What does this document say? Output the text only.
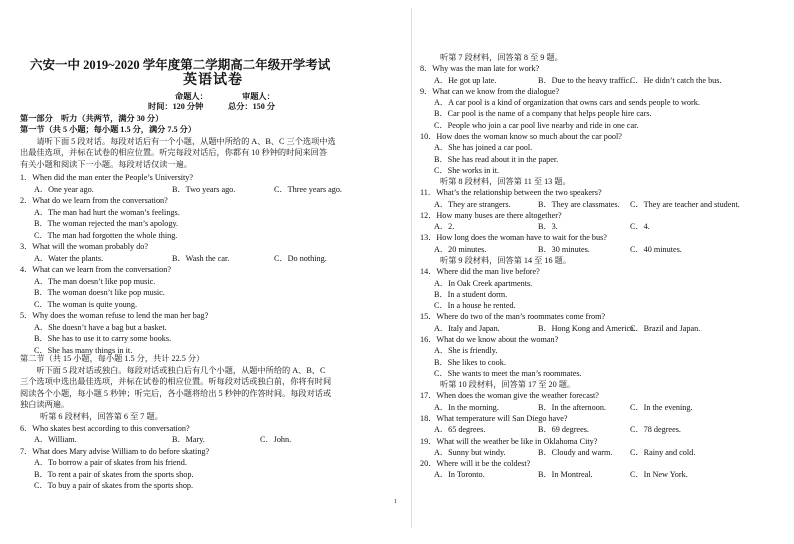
六安一中 2019~2020 学年度第二学期高二年级开学考试
英语试卷
命题人：	审题人：
时间：120 分钟	总分：150 分
第一部分　听力（共两节，满分 30 分）
第一节（共 5 小题；每小题 1.5 分，满分 7.5 分）
　　请听下面 5 段对话。每段对话后有一个小题，从题中所给的 A、B、C 三个选项中选
出最佳选项，并标在试卷的相应位置。听完每段对话后，你都有 10 秒钟的时间来回答
有关小题和阅读下一小题。每段对话仅读一遍。
1．When did the man enter the People’s University?
A．One year ago.	B．Two years ago.	C．Three years ago.
2．What do we learn from the conversation?
A．The man had hurt the woman’s feelings.
B．The woman rejected the man’s apology.
C．The man had forgotten the whole thing.
3．What will the woman probably do?
A．Water the plants.	B．Wash the car.	C．Do nothing.
4．What can we learn from the conversation?
A．The man doesn’t like pop music.
B．The woman doesn’t like pop music.
C．The woman is quite young.
5．Why does the woman refuse to lend the man her bag?
A．She doesn’t have a bag but a basket.
B．She has to use it to carry some books.
C．She has many things in it.
第二节（共 15 小题，每小题 1.5 分，共计 22.5 分）
　　听下面 5 段对话或独白。每段对话或独白后有几个小题，从题中所给的 A、B、C
三个选项中选出最佳选项，并标在试卷的相应位置。听每段对话或独白前，你将有时间
阅读各个小题，每小题 5 秒钟；听完后，各小题将给出 5 秒钟的作答时间。每段对话或
独白读两遍。
听第 6 段材料，回答第 6 至 7 题。
6．Who skates best according to this conversation?
A．William.	B．Mary.	C．John.
7．What does Mary advise William to do before skating?
A．To borrow a pair of skates from his friend.
B．To rent a pair of skates from the sports shop.
C．To buy a pair of skates from the sports shop.
听第 7 段材料，回答第 8 至 9 题。
8．Why was the man late for work?
A．He got up late.	B．Due to the heavy traffic.
C．He didn’t catch the bus.
9．What can we know from the dialogue?
A．A car pool is a kind of organization that owns cars and sends people to work.
B．Car pool is the name of a company that helps people hire cars.
C．People who join a car pool live nearby and ride in one car.
10．How does the woman know so much about the car pool?
A．She has joined a car pool.
B．She has read about it in the paper.
C．She works in it.
听第 8 段材料，回答第 11 至 13 题。
11．What’s the relationship between the two speakers?
A．They are strangers.	B．They are classmates. C．They are teacher and student.
12．How many buses are there altogether?
A．2.	B．3.	C．4.
13．How long does the woman have to wait for the bus?
A．20 minutes.	B．30 minutes.	C．40 minutes.
听第 9 段材料，回答第 14 至 16 题。
14．Where did the man live before?
A．In Oak Creek apartments.
B．In a student dorm.
C．In a house he rented.
15．Where do two of the man’s roommates come from?
A．Italy and Japan.	B．Hong Kong and America.
C．Brazil and Japan.
16．What do we know about the woman?
A．She is friendly.
B．She likes to cook.
C．She wants to meet the man’s roommates.
听第 10 段材料，回答第 17 至 20 题。
17．When does the woman give the weather forecast?
A．In the morning.	B．In the afternoon.	C．In the evening.
18．What temperature will San Diego have?
A．65 degrees.	B．69 degrees.	C．78 degrees.
19．What will the weather be like in Oklahoma City?
A．Sunny but windy.	B．Cloudy and warm. C．Rainy and cold.
20．Where will it be the coldest?
A．In Toronto.	B．In Montreal.	C．In New York.
1
